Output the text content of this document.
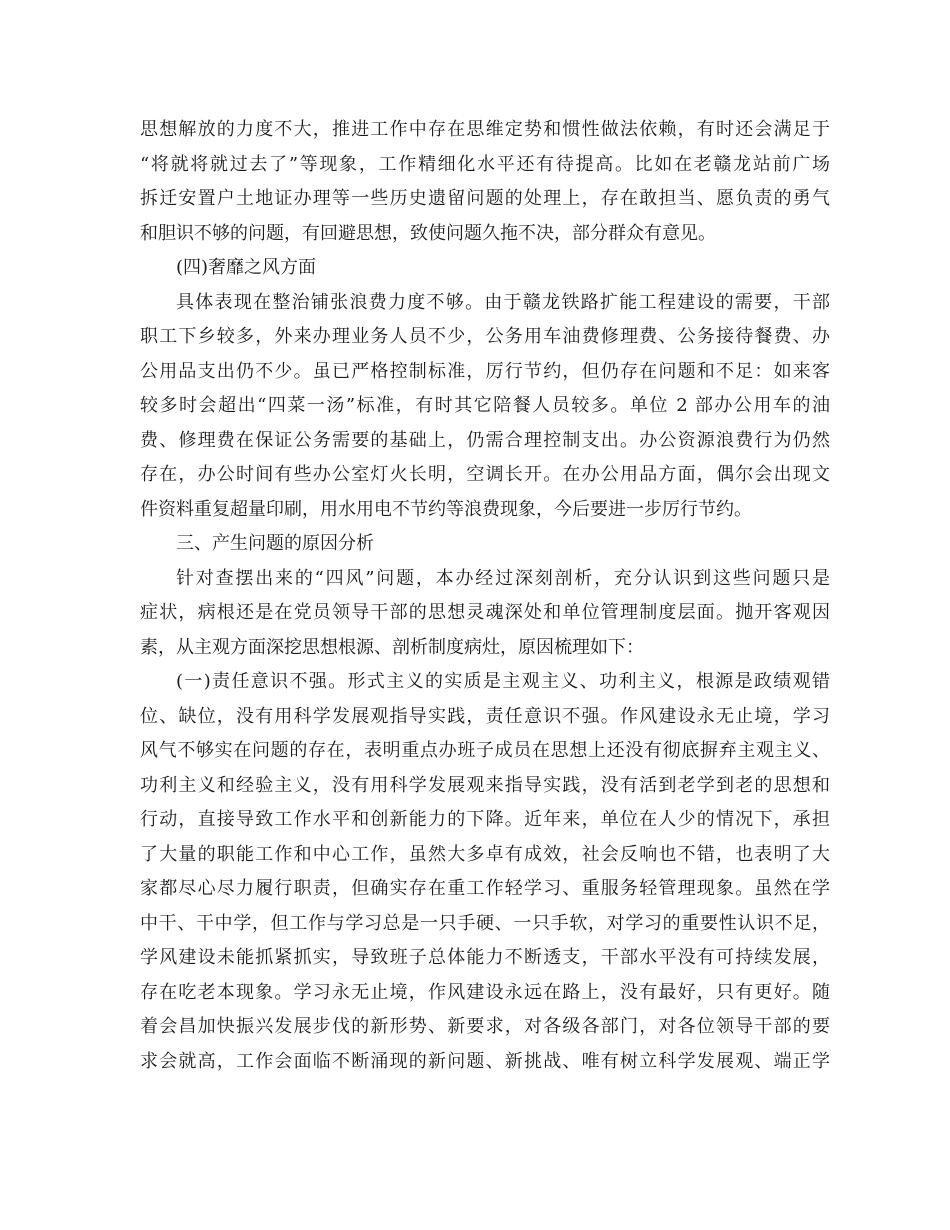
思想解放的力度不大，推进工作中存在思维定势和惯性做法依赖，有时还会满足于
“将就将就过去了”等现象，工作精细化水平还有待提高。比如在老赣龙站前广场
拆迁安置户土地证办理等一些历史遗留问题的处理上，存在敢担当、愿负责的勇气
和胆识不够的问题，有回避思想，致使问题久拖不决，部分群众有意见。
(四)奢靡之风方面
具体表现在整治铺张浪费力度不够。由于赣龙铁路扩能工程建设的需要，干部
职工下乡较多，外来办理业务人员不少，公务用车油费修理费、公务接待餐费、办
公用品支出仍不少。虽已严格控制标准，厉行节约，但仍存在问题和不足：如来客
较多时会超出“四菜一汤”标准，有时其它陪餐人员较多。单位 2 部办公用车的油
费、修理费在保证公务需要的基础上，仍需合理控制支出。办公资源浪费行为仍然
存在，办公时间有些办公室灯火长明，空调长开。在办公用品方面，偶尔会出现文
件资料重复超量印刷，用水用电不节约等浪费现象，今后要进一步厉行节约。
三、产生问题的原因分析
针对查摆出来的“四风”问题，本办经过深刻剖析，充分认识到这些问题只是
症状，病根还是在党员领导干部的思想灵魂深处和单位管理制度层面。抛开客观因
素，从主观方面深挖思想根源、剖析制度病灶，原因梳理如下：
(一)责任意识不强。形式主义的实质是主观主义、功利主义，根源是政绩观错
位、缺位，没有用科学发展观指导实践，责任意识不强。作风建设永无止境，学习
风气不够实在问题的存在，表明重点办班子成员在思想上还没有彻底摒弃主观主义、
功利主义和经验主义，没有用科学发展观来指导实践，没有活到老学到老的思想和
行动，直接导致工作水平和创新能力的下降。近年来，单位在人少的情况下，承担
了大量的职能工作和中心工作，虽然大多卓有成效，社会反响也不错，也表明了大
家都尽心尽力履行职责，但确实存在重工作轻学习、重服务轻管理现象。虽然在学
中干、干中学，但工作与学习总是一只手硬、一只手软，对学习的重要性认识不足，
学风建设未能抓紧抓实，导致班子总体能力不断透支，干部水平没有可持续发展，
存在吃老本现象。学习永无止境，作风建设永远在路上，没有最好，只有更好。随
着会昌加快振兴发展步伐的新形势、新要求，对各级各部门，对各位领导干部的要
求会就高，工作会面临不断涌现的新问题、新挑战、唯有树立科学发展观、端正学
